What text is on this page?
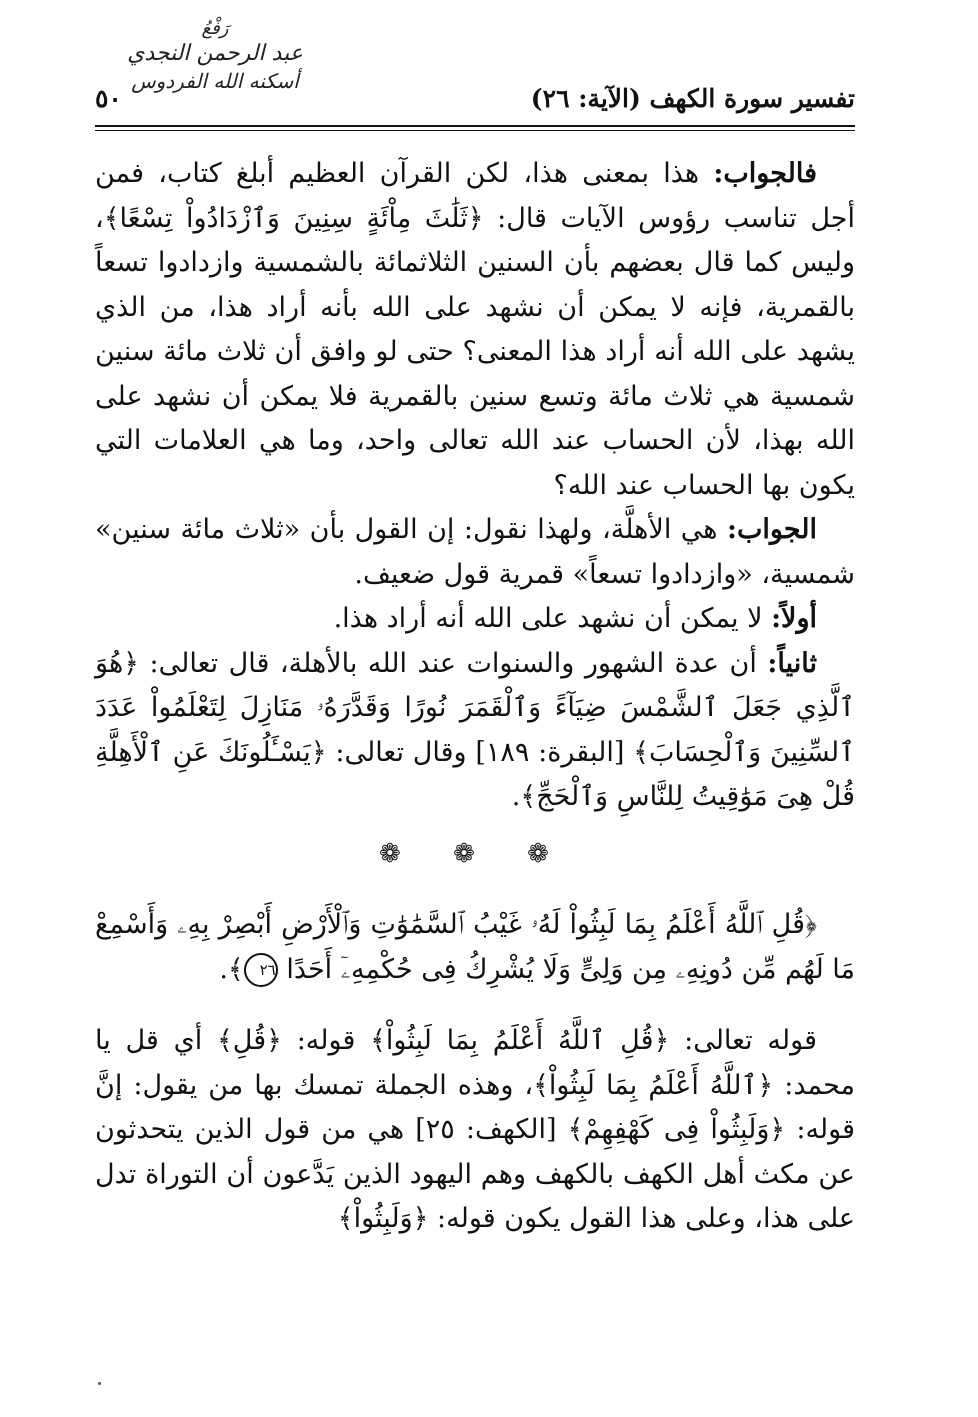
رَفْعُ
عبد الرحمن النجدي
أسكنه الله الفردوس
٥٠	تفسير سورة الكهف (الآية: ٢٦)

فالجواب: هذا بمعنى هذا، لكن القرآن العظيم أبلغ كتاب، فمن أجل تناسب رؤوس الآيات قال: ﴿ثَلَٰثَ مِاْئَةٍ سِنِينَ وَٱزْدَادُواْ تِسْعًا﴾، وليس كما قال بعضهم بأن السنين الثلاثمائة بالشمسية وازدادوا تسعاً بالقمرية، فإنه لا يمكن أن نشهد على الله بأنه أراد هذا، من الذي يشهد على الله أنه أراد هذا المعنى؟ حتى لو وافق أن ثلاث مائة سنين شمسية هي ثلاث مائة وتسع سنين بالقمرية فلا يمكن أن نشهد على الله بهذا، لأن الحساب عند الله تعالى واحد، وما هي العلامات التي يكون بها الحساب عند الله؟

الجواب: هي الأهلَّة، ولهذا نقول: إن القول بأن «ثلاث مائة سنين» شمسية، «وازدادوا تسعاً» قمرية قول ضعيف.

أولاً: لا يمكن أن نشهد على الله أنه أراد هذا.

ثانياً: أن عدة الشهور والسنوات عند الله بالأهلة، قال تعالى: ﴿هُوَ ٱلَّذِي جَعَلَ ٱلشَّمْسَ ضِيَآءً وَٱلْقَمَرَ نُورًا وَقَدَّرَهُۥ مَنَازِلَ لِتَعْلَمُواْ عَدَدَ ٱلسِّنِينَ وَٱلْحِسَابَ﴾ [البقرة: ١٨٩] وقال تعالى: ﴿يَسْـَٔلُونَكَ عَنِ ٱلْأَهِلَّةِ قُلْ هِىَ مَوَٰقِيتُ لِلنَّاسِ وَٱلْحَجِّ﴾.

❁ ❁ ❁

﴿قُلِ ٱللَّهُ أَعْلَمُ بِمَا لَبِثُواْ لَهُۥ غَيْبُ ٱلسَّمَٰوَٰتِ وَٱلْأَرْضِ أَبْصِرْ بِهِۦ وَأَسْمِعْ مَا لَهُم مِّن دُونِهِۦ مِن وَلِىٍّ وَلَا يُشْرِكُ فِى حُكْمِهِۦٓ أَحَدًا ٢٦﴾.

قوله تعالى: ﴿قُلِ ٱللَّهُ أَعْلَمُ بِمَا لَبِثُواْ﴾ قوله: ﴿قُلِ﴾ أي قل يا محمد: ﴿ٱللَّهُ أَعْلَمُ بِمَا لَبِثُواْ﴾، وهذه الجملة تمسك بها من يقول: إنَّ قوله: ﴿وَلَبِثُواْ فِى كَهْفِهِمْ﴾ [الكهف: ٢٥] هي من قول الذين يتحدثون عن مكث أهل الكهف بالكهف وهم اليهود الذين يَدَّعون أن التوراة تدل على هذا، وعلى هذا القول يكون قوله: ﴿وَلَبِثُواْ﴾
